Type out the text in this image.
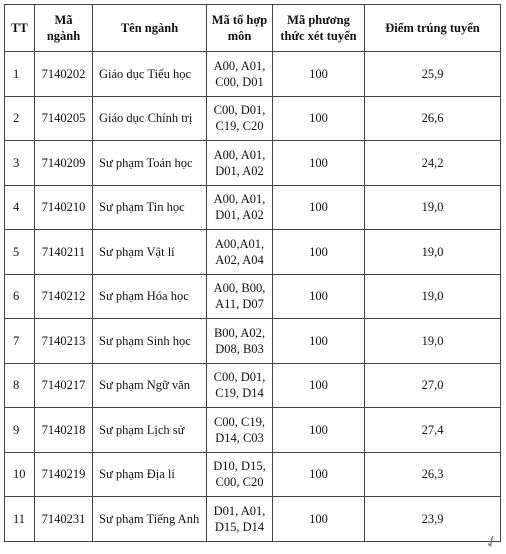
TT	Mã ngành	Tên ngành	Mã tổ hợp môn	Mã phương thức xét tuyển	Điểm trúng tuyển
1	7140202	Giáo dục Tiểu học	A00, A01, C00, D01	100	25,9
2	7140205	Giáo dục Chính trị	C00, D01, C19, C20	100	26,6
3	7140209	Sư phạm Toán học	A00, A01, D01, A02	100	24,2
4	7140210	Sư phạm Tin học	A00, A01, D01, A02	100	19,0
5	7140211	Sư phạm Vật lí	A00,A01, A02, A04	100	19,0
6	7140212	Sư phạm Hóa học	A00, B00, A11, D07	100	19,0
7	7140213	Sư phạm Sinh học	B00, A02, D08, B03	100	19,0
8	7140217	Sư phạm Ngữ văn	C00, D01, C19, D14	100	27,0
9	7140218	Sư phạm Lịch sử	C00, C19, D14, C03	100	27,4
10	7140219	Sư phạm Địa lí	D10, D15, C00, C20	100	26,3
11	7140231	Sư phạm Tiếng Anh	D01, A01, D15, D14	100	23,9
✓
